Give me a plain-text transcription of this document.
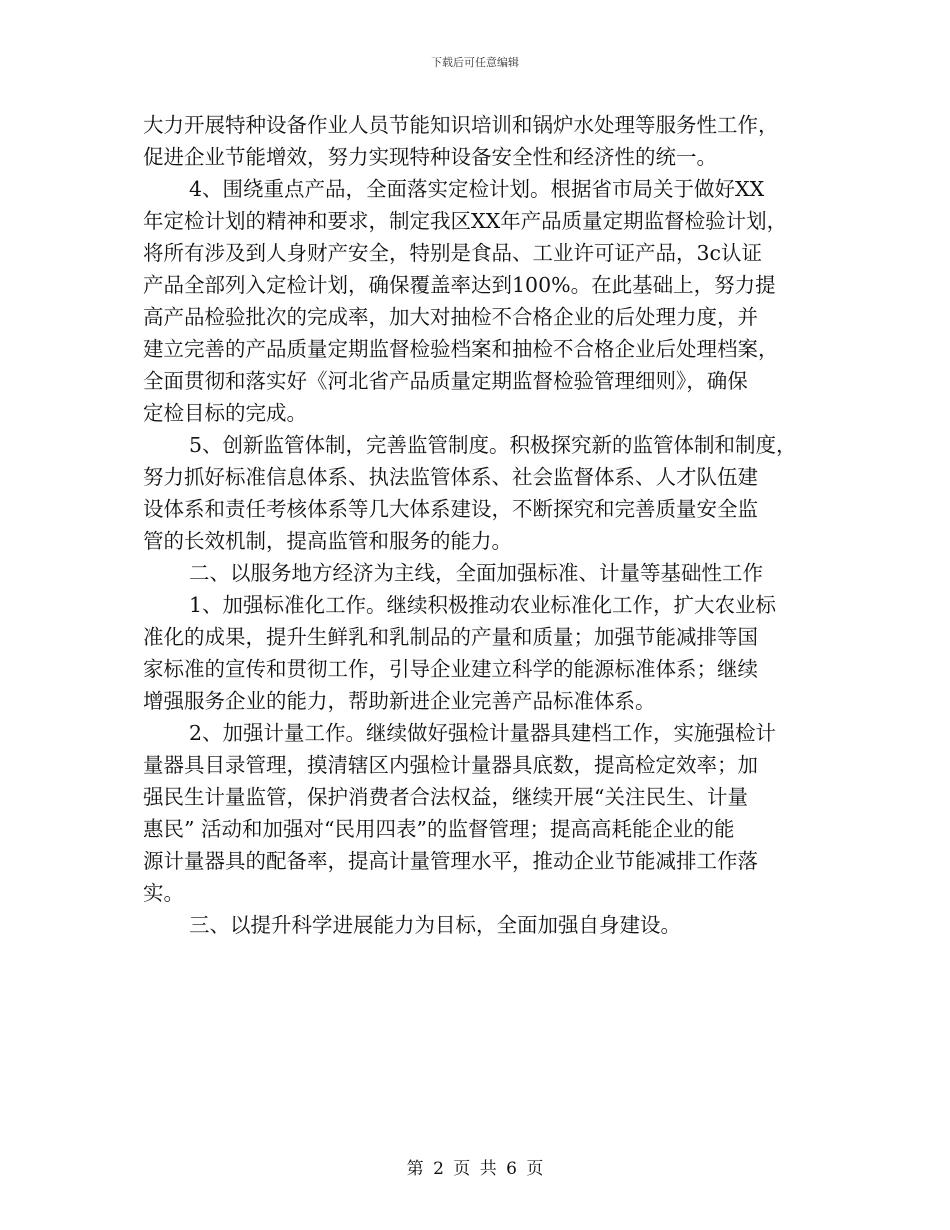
下载后可任意编辑
大力开展特种设备作业人员节能知识培训和锅炉水处理等服务性工作，
促进企业节能增效，努力实现特种设备安全性和经济性的统一。
4、围绕重点产品，全面落实定检计划。根据省市局关于做好XX
年定检计划的精神和要求，制定我区XX年产品质量定期监督检验计划，
将所有涉及到人身财产安全，特别是食品、工业许可证产品，3c认证
产品全部列入定检计划，确保覆盖率达到100%。在此基础上，努力提
高产品检验批次的完成率，加大对抽检不合格企业的后处理力度，并
建立完善的产品质量定期监督检验档案和抽检不合格企业后处理档案，
全面贯彻和落实好《河北省产品质量定期监督检验管理细则》，确保
定检目标的完成。
5、创新监管体制，完善监管制度。积极探究新的监管体制和制度，
努力抓好标准信息体系、执法监管体系、社会监督体系、人才队伍建
设体系和责任考核体系等几大体系建设，不断探究和完善质量安全监
管的长效机制，提高监管和服务的能力。
二、以服务地方经济为主线，全面加强标准、计量等基础性工作
1、加强标准化工作。继续积极推动农业标准化工作，扩大农业标
准化的成果，提升生鲜乳和乳制品的产量和质量；加强节能减排等国
家标准的宣传和贯彻工作，引导企业建立科学的能源标准体系；继续
增强服务企业的能力，帮助新进企业完善产品标准体系。
2、加强计量工作。继续做好强检计量器具建档工作，实施强检计
量器具目录管理，摸清辖区内强检计量器具底数，提高检定效率；加
强民生计量监管，保护消费者合法权益，继续开展“关注民生、计量
惠民” 活动和加强对“民用四表”的监督管理；提高高耗能企业的能
源计量器具的配备率，提高计量管理水平，推动企业节能减排工作落
实。
三、以提升科学进展能力为目标，全面加强自身建设。
第 2 页 共 6 页
